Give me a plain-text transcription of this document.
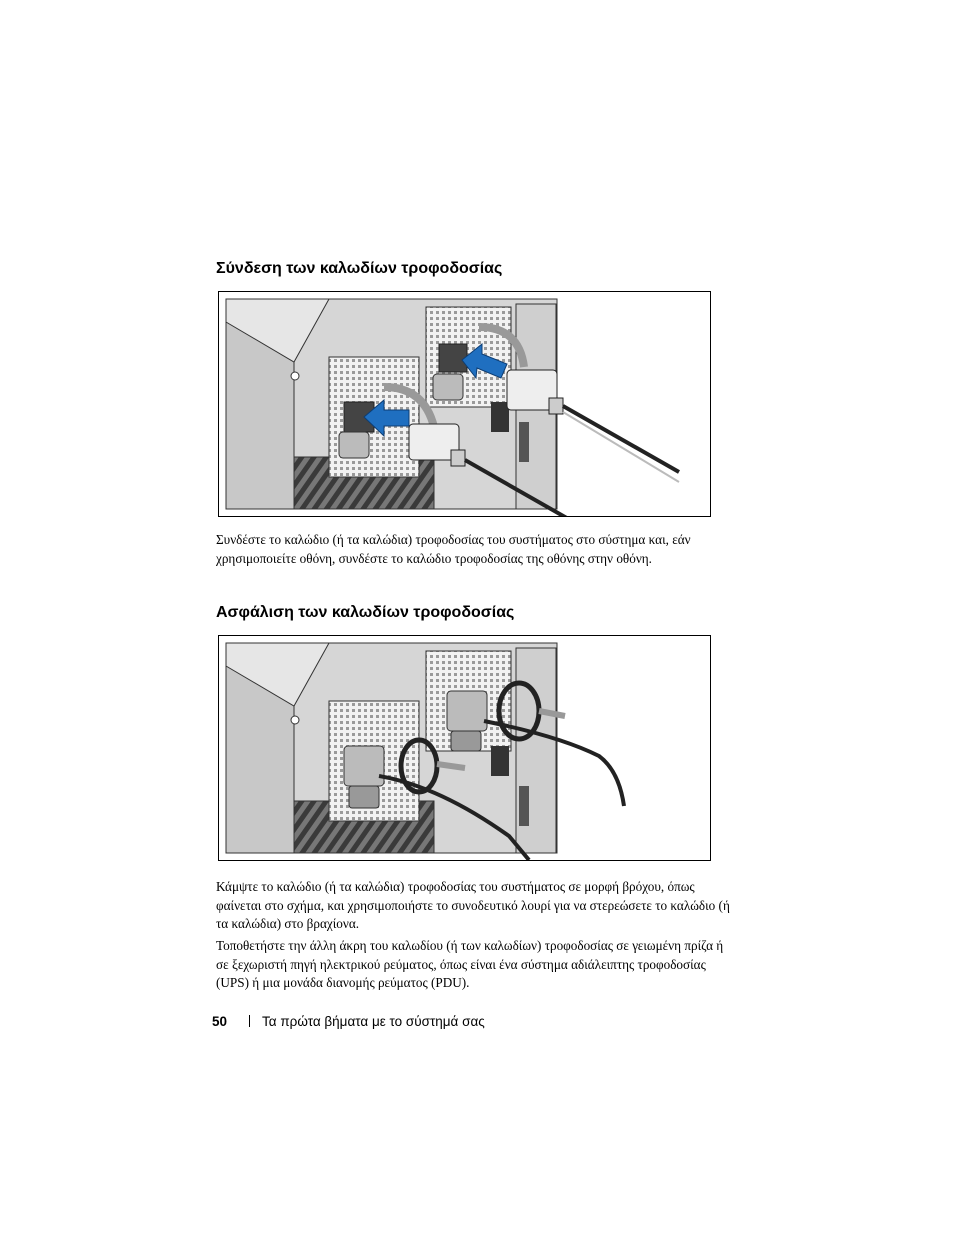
Σύνδεση των καλωδίων τροφοδοσίας

Συνδέστε το καλώδιο (ή τα καλώδια) τροφοδοσίας του συστήματος στο σύστημα και, εάν χρησιμοποιείτε οθόνη, συνδέστε το καλώδιο τροφοδοσίας της οθόνης στην οθόνη.

Ασφάλιση των καλωδίων τροφοδοσίας

Κάμψτε το καλώδιο (ή τα καλώδια) τροφοδοσίας του συστήματος σε μορφή βρόχου, όπως φαίνεται στο σχήμα, και χρησιμοποιήστε το συνοδευτικό λουρί για να στερεώσετε το καλώδιο (ή τα καλώδια) στο βραχίονα.

Τοποθετήστε την άλλη άκρη του καλωδίου (ή των καλωδίων) τροφοδοσίας σε γειωμένη πρίζα ή σε ξεχωριστή πηγή ηλεκτρικού ρεύματος, όπως είναι ένα σύστημα αδιάλειπτης τροφοδοσίας (UPS) ή μια μονάδα διανομής ρεύματος (PDU).

50	Τα πρώτα βήματα με το σύστημά σας
